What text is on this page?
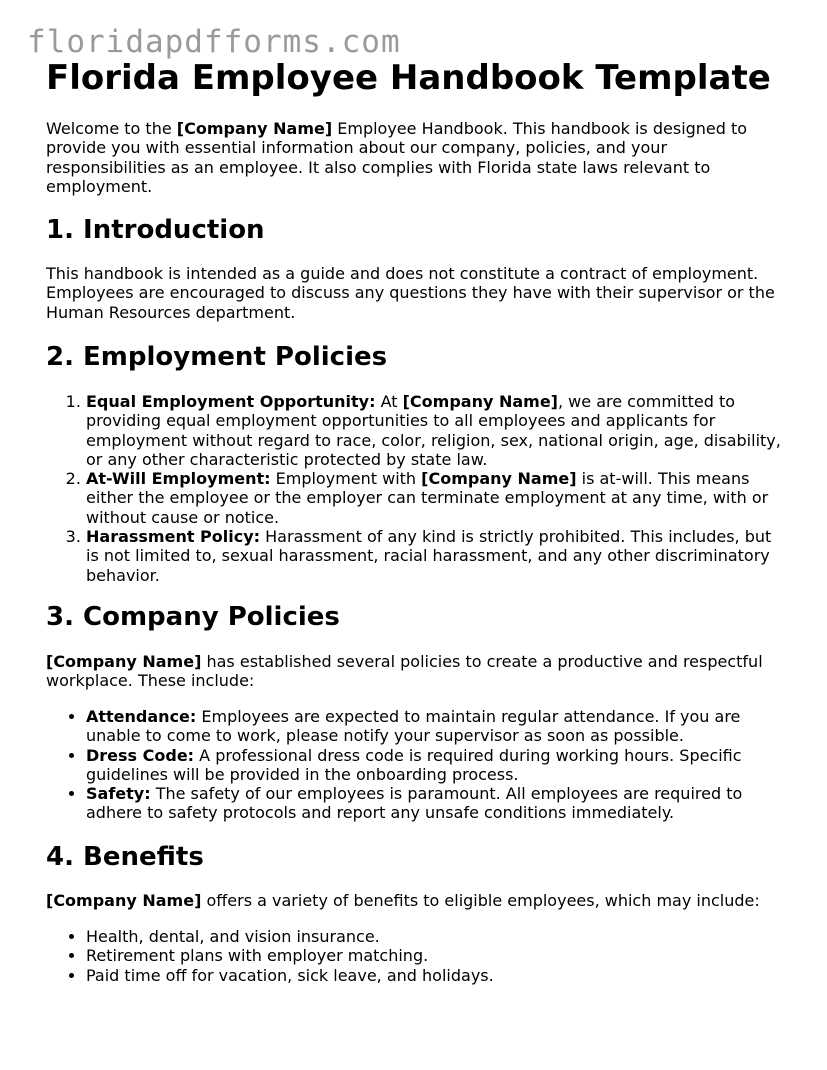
floridapdfforms.com
Florida Employee Handbook Template

Welcome to the [Company Name] Employee Handbook. This handbook is designed to provide you with essential information about our company, policies, and your responsibilities as an employee. It also complies with Florida state laws relevant to employment.

1. Introduction

This handbook is intended as a guide and does not constitute a contract of employment. Employees are encouraged to discuss any questions they have with their supervisor or the Human Resources department.

2. Employment Policies
1. Equal Employment Opportunity: At [Company Name], we are committed to providing equal employment opportunities to all employees and applicants for employment without regard to race, color, religion, sex, national origin, age, disability, or any other characteristic protected by state law.
2. At-Will Employment: Employment with [Company Name] is at-will. This means either the employee or the employer can terminate employment at any time, with or without cause or notice.
3. Harassment Policy: Harassment of any kind is strictly prohibited. This includes, but is not limited to, sexual harassment, racial harassment, and any other discriminatory behavior.
3. Company Policies

[Company Name] has established several policies to create a productive and respectful workplace. These include:

• Attendance: Employees are expected to maintain regular attendance. If you are unable to come to work, please notify your supervisor as soon as possible.
• Dress Code: A professional dress code is required during working hours. Specific guidelines will be provided in the onboarding process.
• Safety: The safety of our employees is paramount. All employees are required to adhere to safety protocols and report any unsafe conditions immediately.
4. Benefits

[Company Name] offers a variety of benefits to eligible employees, which may include:

• Health, dental, and vision insurance.
• Retirement plans with employer matching.
• Paid time off for vacation, sick leave, and holidays.
